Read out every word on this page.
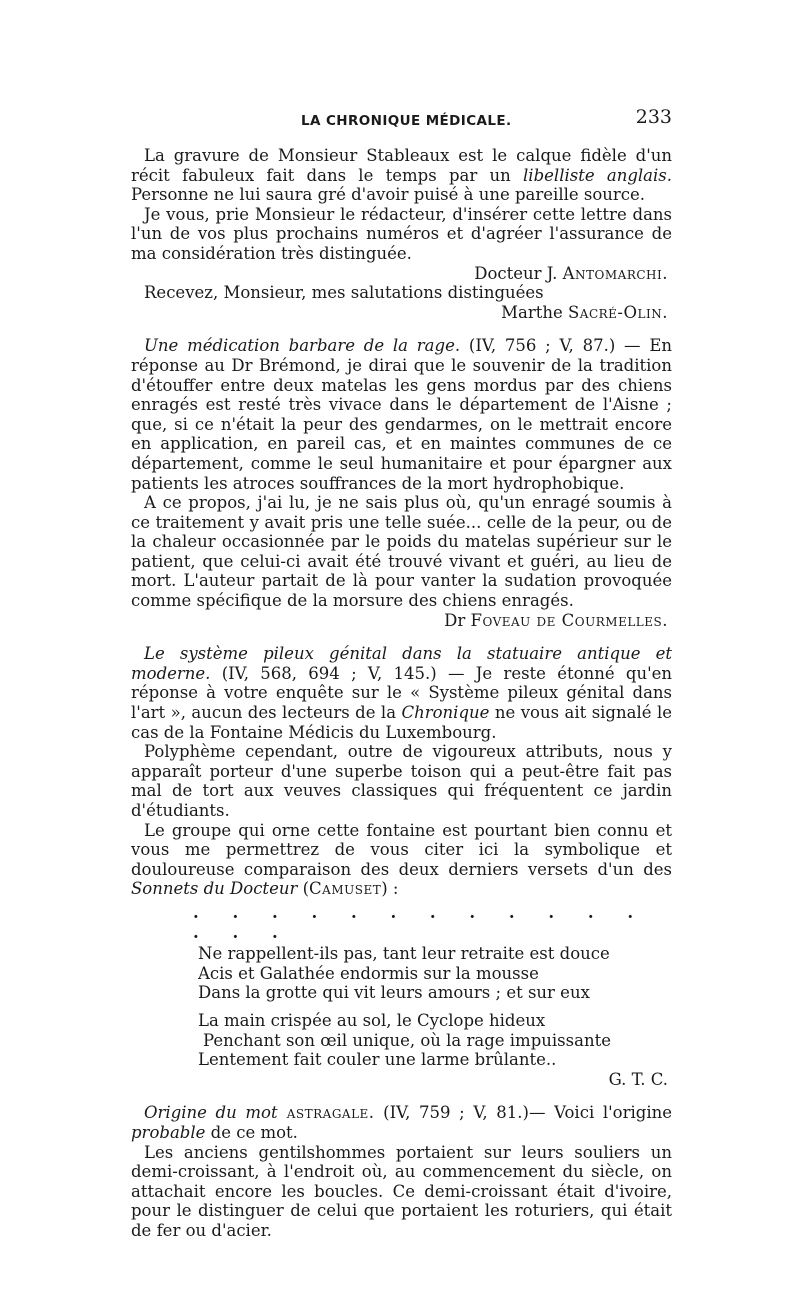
LA CHRONIQUE MÉDICALE.	233

La gravure de Monsieur Stableaux est le calque fidèle d'un récit fabuleux fait dans le temps par un libelliste anglais. Personne ne lui saura gré d'avoir puisé à une pareille source.

Je vous, prie Monsieur le rédacteur, d'insérer cette lettre dans l'un de vos plus prochains numéros et d'agréer l'assurance de ma considération très distinguée.

Docteur J. Antomarchi.

Recevez, Monsieur, mes salutations distinguées

Marthe Sacré-Olin.

Une médication barbare de la rage. (IV, 756 ; V, 87.) — En réponse au Dr Brémond, je dirai que le souvenir de la tradition d'étouffer entre deux matelas les gens mordus par des chiens enragés est resté très vivace dans le département de l'Aisne ; que, si ce n'était la peur des gendarmes, on le mettrait encore en application, en pareil cas, et en maintes communes de ce département, comme le seul humanitaire et pour épargner aux patients les atroces souffrances de la mort hydrophobique.

A ce propos, j'ai lu, je ne sais plus où, qu'un enragé soumis à ce traitement y avait pris une telle suée... celle de la peur, ou de la chaleur occasionnée par le poids du matelas supérieur sur le patient, que celui-ci avait été trouvé vivant et guéri, au lieu de mort. L'auteur partait de là pour vanter la sudation provoquée comme spécifique de la morsure des chiens enragés.

Dr Foveau de Courmelles.

Le système pileux génital dans la statuaire antique et moderne. (IV, 568, 694 ; V, 145.) — Je reste étonné qu'en réponse à votre enquête sur le « Système pileux génital dans l'art », aucun des lecteurs de la Chronique ne vous ait signalé le cas de la Fontaine Médicis du Luxembourg.

Polyphème cependant, outre de vigoureux attributs, nous y apparaît porteur d'une superbe toison qui a peut-être fait pas mal de tort aux veuves classiques qui fréquentent ce jardin d'étudiants.

Le groupe qui orne cette fontaine est pourtant bien connu et vous me permettrez de vous citer ici la symbolique et douloureuse comparaison des deux derniers versets d'un des Sonnets du Docteur (Camuset) :

. . . . . . . . . . . . . . .
Ne rappellent-ils pas, tant leur retraite est douce
Acis et Galathée endormis sur la mousse
Dans la grotte qui vit leurs amours ; et sur eux
La main crispée au sol, le Cyclope hideux
Penchant son œil unique, où la rage impuissante
Lentement fait couler une larme brûlante..
G. T. C.

Origine du mot astragale. (IV, 759 ; V, 81.)— Voici l'origine probable de ce mot.

Les anciens gentilshommes portaient sur leurs souliers un demi-croissant, à l'endroit où, au commencement du siècle, on attachait encore les boucles. Ce demi-croissant était d'ivoire, pour le distinguer de celui que portaient les roturiers, qui était de fer ou d'acier.
